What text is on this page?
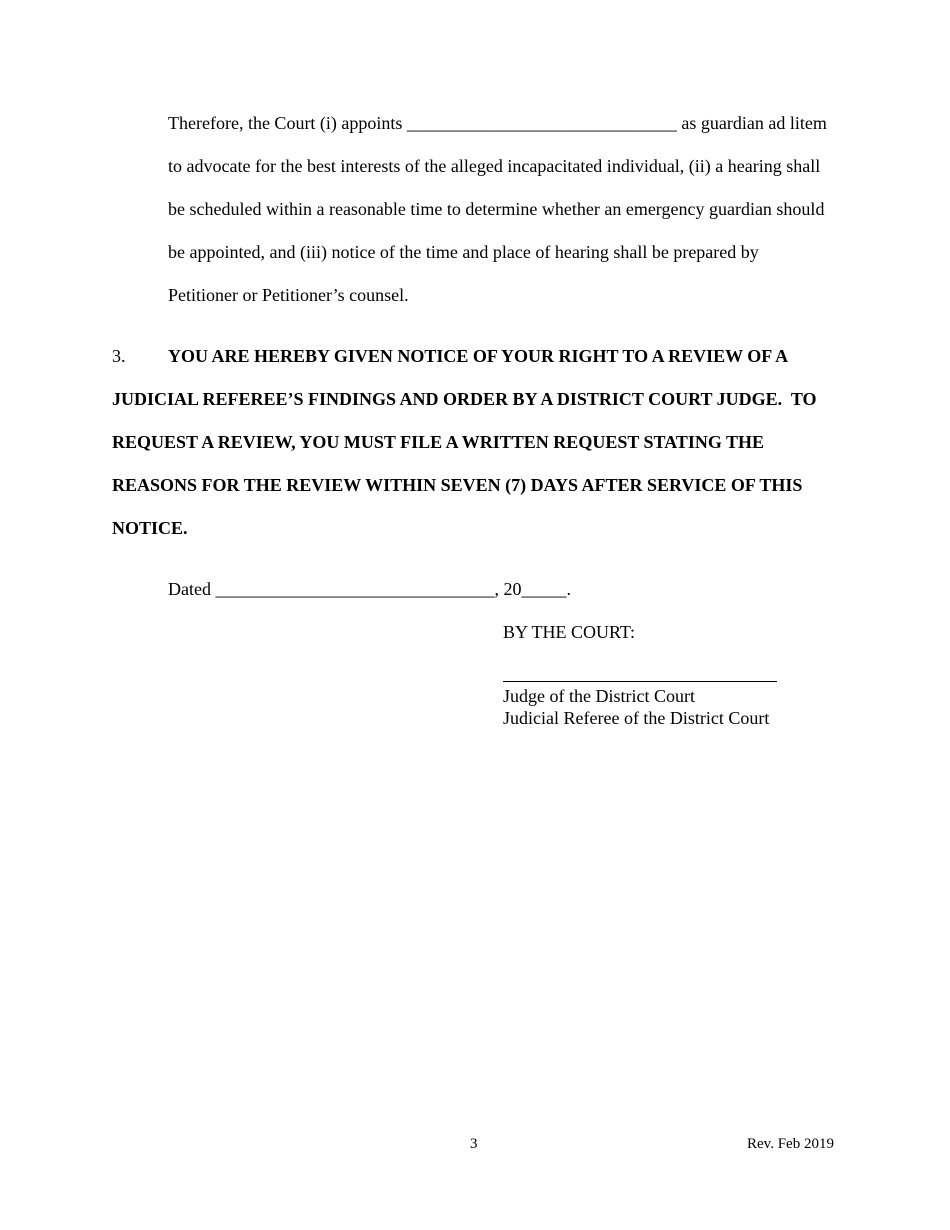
Therefore, the Court (i) appoints ______________________________ as guardian ad litem
to advocate for the best interests of the alleged incapacitated individual, (ii) a hearing shall
be scheduled within a reasonable time to determine whether an emergency guardian should
be appointed, and (iii) notice of the time and place of hearing shall be prepared by
Petitioner or Petitioner’s counsel.
3. YOU ARE HEREBY GIVEN NOTICE OF YOUR RIGHT TO A REVIEW OF A
JUDICIAL REFEREE’S FINDINGS AND ORDER BY A DISTRICT COURT JUDGE.  TO
REQUEST A REVIEW, YOU MUST FILE A WRITTEN REQUEST STATING THE
REASONS FOR THE REVIEW WITHIN SEVEN (7) DAYS AFTER SERVICE OF THIS
NOTICE.
Dated _______________________________, 20_____.
BY THE COURT:
Judge of the District Court
Judicial Referee of the District Court
3	Rev. Feb 2019
